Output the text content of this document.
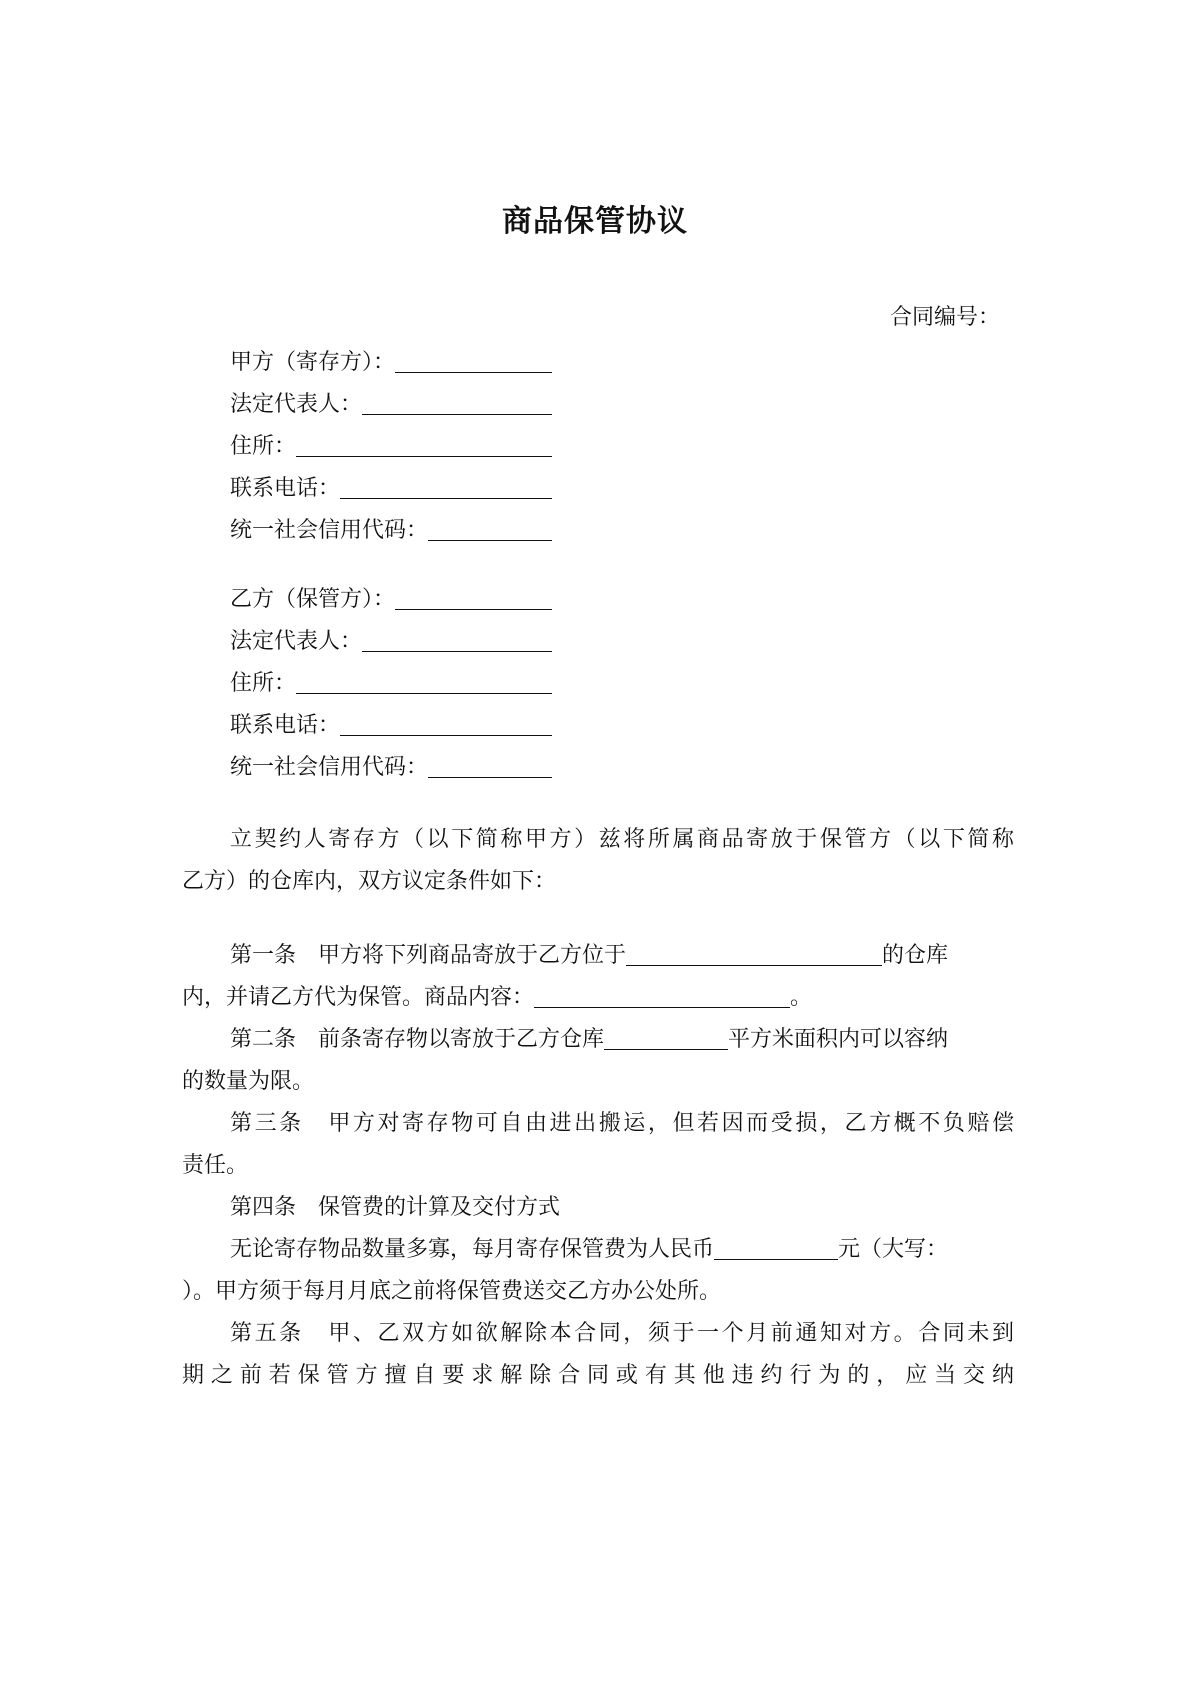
商品保管协议
合同编号：
甲方（寄存方）：
法定代表人：
住所：
联系电话：
统一社会信用代码：
乙方（保管方）：
法定代表人：
住所：
联系电话：
统一社会信用代码：
立契约人寄存方（以下简称甲方）兹将所属商品寄放于保管方（以下简称
乙方）的仓库内，双方议定条件如下：
第一条　甲方将下列商品寄放于乙方位于	的仓库
内，并请乙方代为保管。商品内容：	。
第二条　前条寄存物以寄放于乙方仓库	平方米面积内可以容纳
的数量为限。
第三条　甲方对寄存物可自由进出搬运，但若因而受损，乙方概不负赔偿
责任。
第四条　保管费的计算及交付方式
无论寄存物品数量多寡，每月寄存保管费为人民币	元（大写：
）。甲方须于每月月底之前将保管费送交乙方办公处所。
第五条　甲、乙双方如欲解除本合同，须于一个月前通知对方。合同未到
期之前若保管方擅自要求解除合同或有其他违约行为的，应当交纳
